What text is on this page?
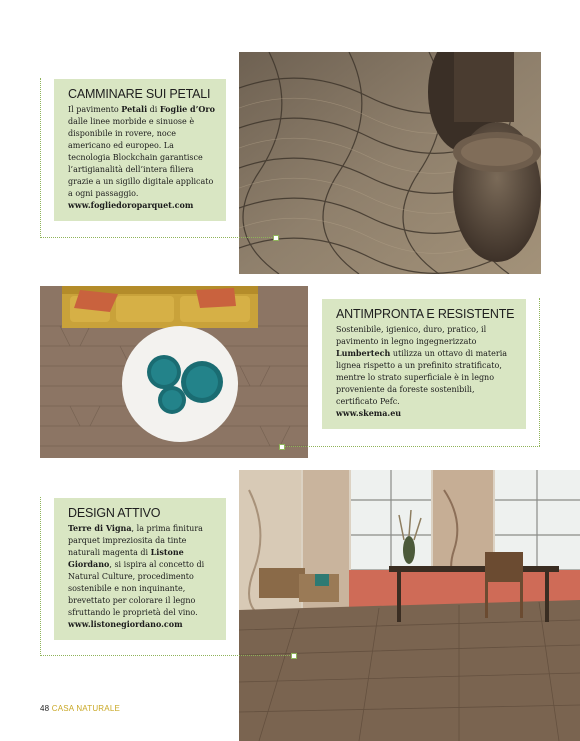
CAMMINARE SUI PETALI

Il pavimento Petali di Foglie d’Oro dalle linee morbide e sinuose è disponibile in rovere, noce americano ed europeo. La tecnologia Blockchain garantisce l’artigianalità dell’intera filiera grazie a un sigillo digitale applicato a ogni passaggio.
www.fogliedoroparquet.com

ANTIMPRONTA E RESISTENTE

Sostenibile, igienico, duro, pratico, il pavimento in legno ingegnerizzato Lumbertech utilizza un ottavo di materia lignea rispetto a un prefinito stratificato, mentre lo strato superficiale è in legno proveniente da foreste sostenibili, certificato Pefc.
www.skema.eu

DESIGN ATTIVO

Terre di Vigna, la prima finitura parquet impreziosita da tinte naturali magenta di Listone Giordano, si ispira al concetto di Natural Culture, procedimento sostenibile e non inquinante, brevettato per colorare il legno sfruttando le proprietà del vino.
www.listonegiordano.com

48 CASA NATURALE
